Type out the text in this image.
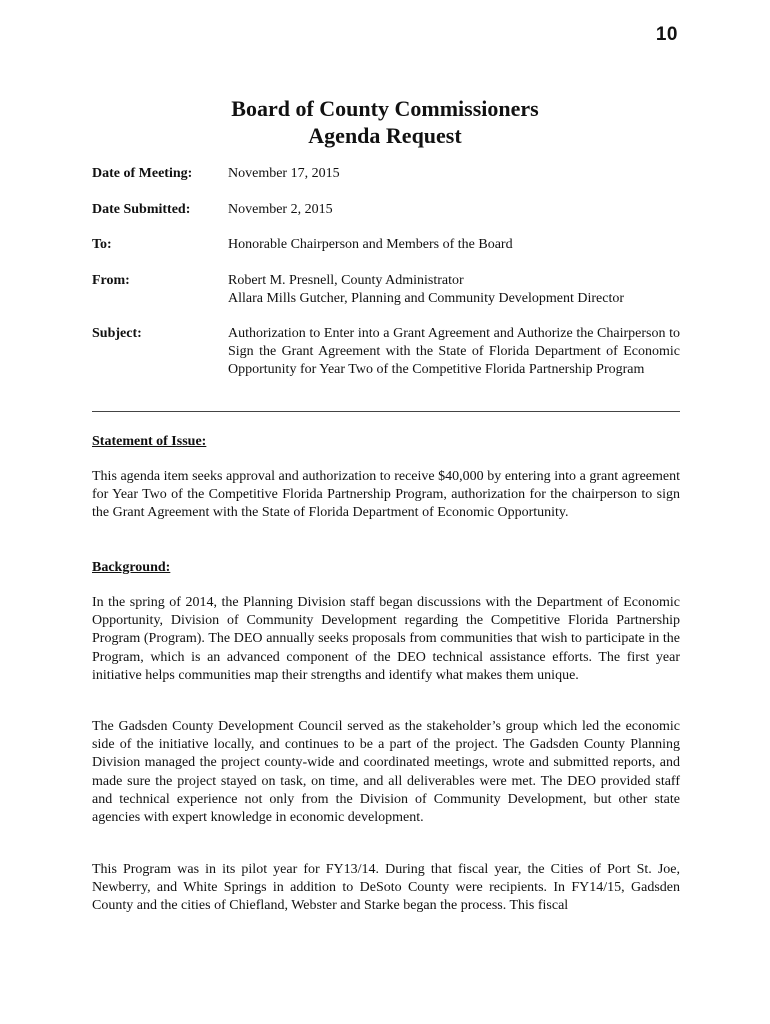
10
Board of County Commissioners
Agenda Request
Date of Meeting:	November 17, 2015
Date Submitted:	November 2, 2015
To:	Honorable Chairperson and Members of the Board
From:	Robert M. Presnell, County Administrator
Allara Mills Gutcher, Planning and Community Development Director
Subject:	Authorization to Enter into a Grant Agreement and Authorize the Chairperson to Sign the Grant Agreement with the State of Florida Department of Economic Opportunity for Year Two of the Competitive Florida Partnership Program
Statement of Issue:
This agenda item seeks approval and authorization to receive $40,000 by entering into a grant agreement for Year Two of the Competitive Florida Partnership Program, authorization for the chairperson to sign the Grant Agreement with the State of Florida Department of Economic Opportunity.
Background:
In the spring of 2014, the Planning Division staff began discussions with the Department of Economic Opportunity, Division of Community Development regarding the Competitive Florida Partnership Program (Program). The DEO annually seeks proposals from communities that wish to participate in the Program, which is an advanced component of the DEO technical assistance efforts. The first year initiative helps communities map their strengths and identify what makes them unique.
The Gadsden County Development Council served as the stakeholder’s group which led the economic side of the initiative locally, and continues to be a part of the project. The Gadsden County Planning Division managed the project county-wide and coordinated meetings, wrote and submitted reports, and made sure the project stayed on task, on time, and all deliverables were met. The DEO provided staff and technical experience not only from the Division of Community Development, but other state agencies with expert knowledge in economic development.
This Program was in its pilot year for FY13/14. During that fiscal year, the Cities of Port St. Joe, Newberry, and White Springs in addition to DeSoto County were recipients. In FY14/15, Gadsden County and the cities of Chiefland, Webster and Starke began the process. This fiscal
